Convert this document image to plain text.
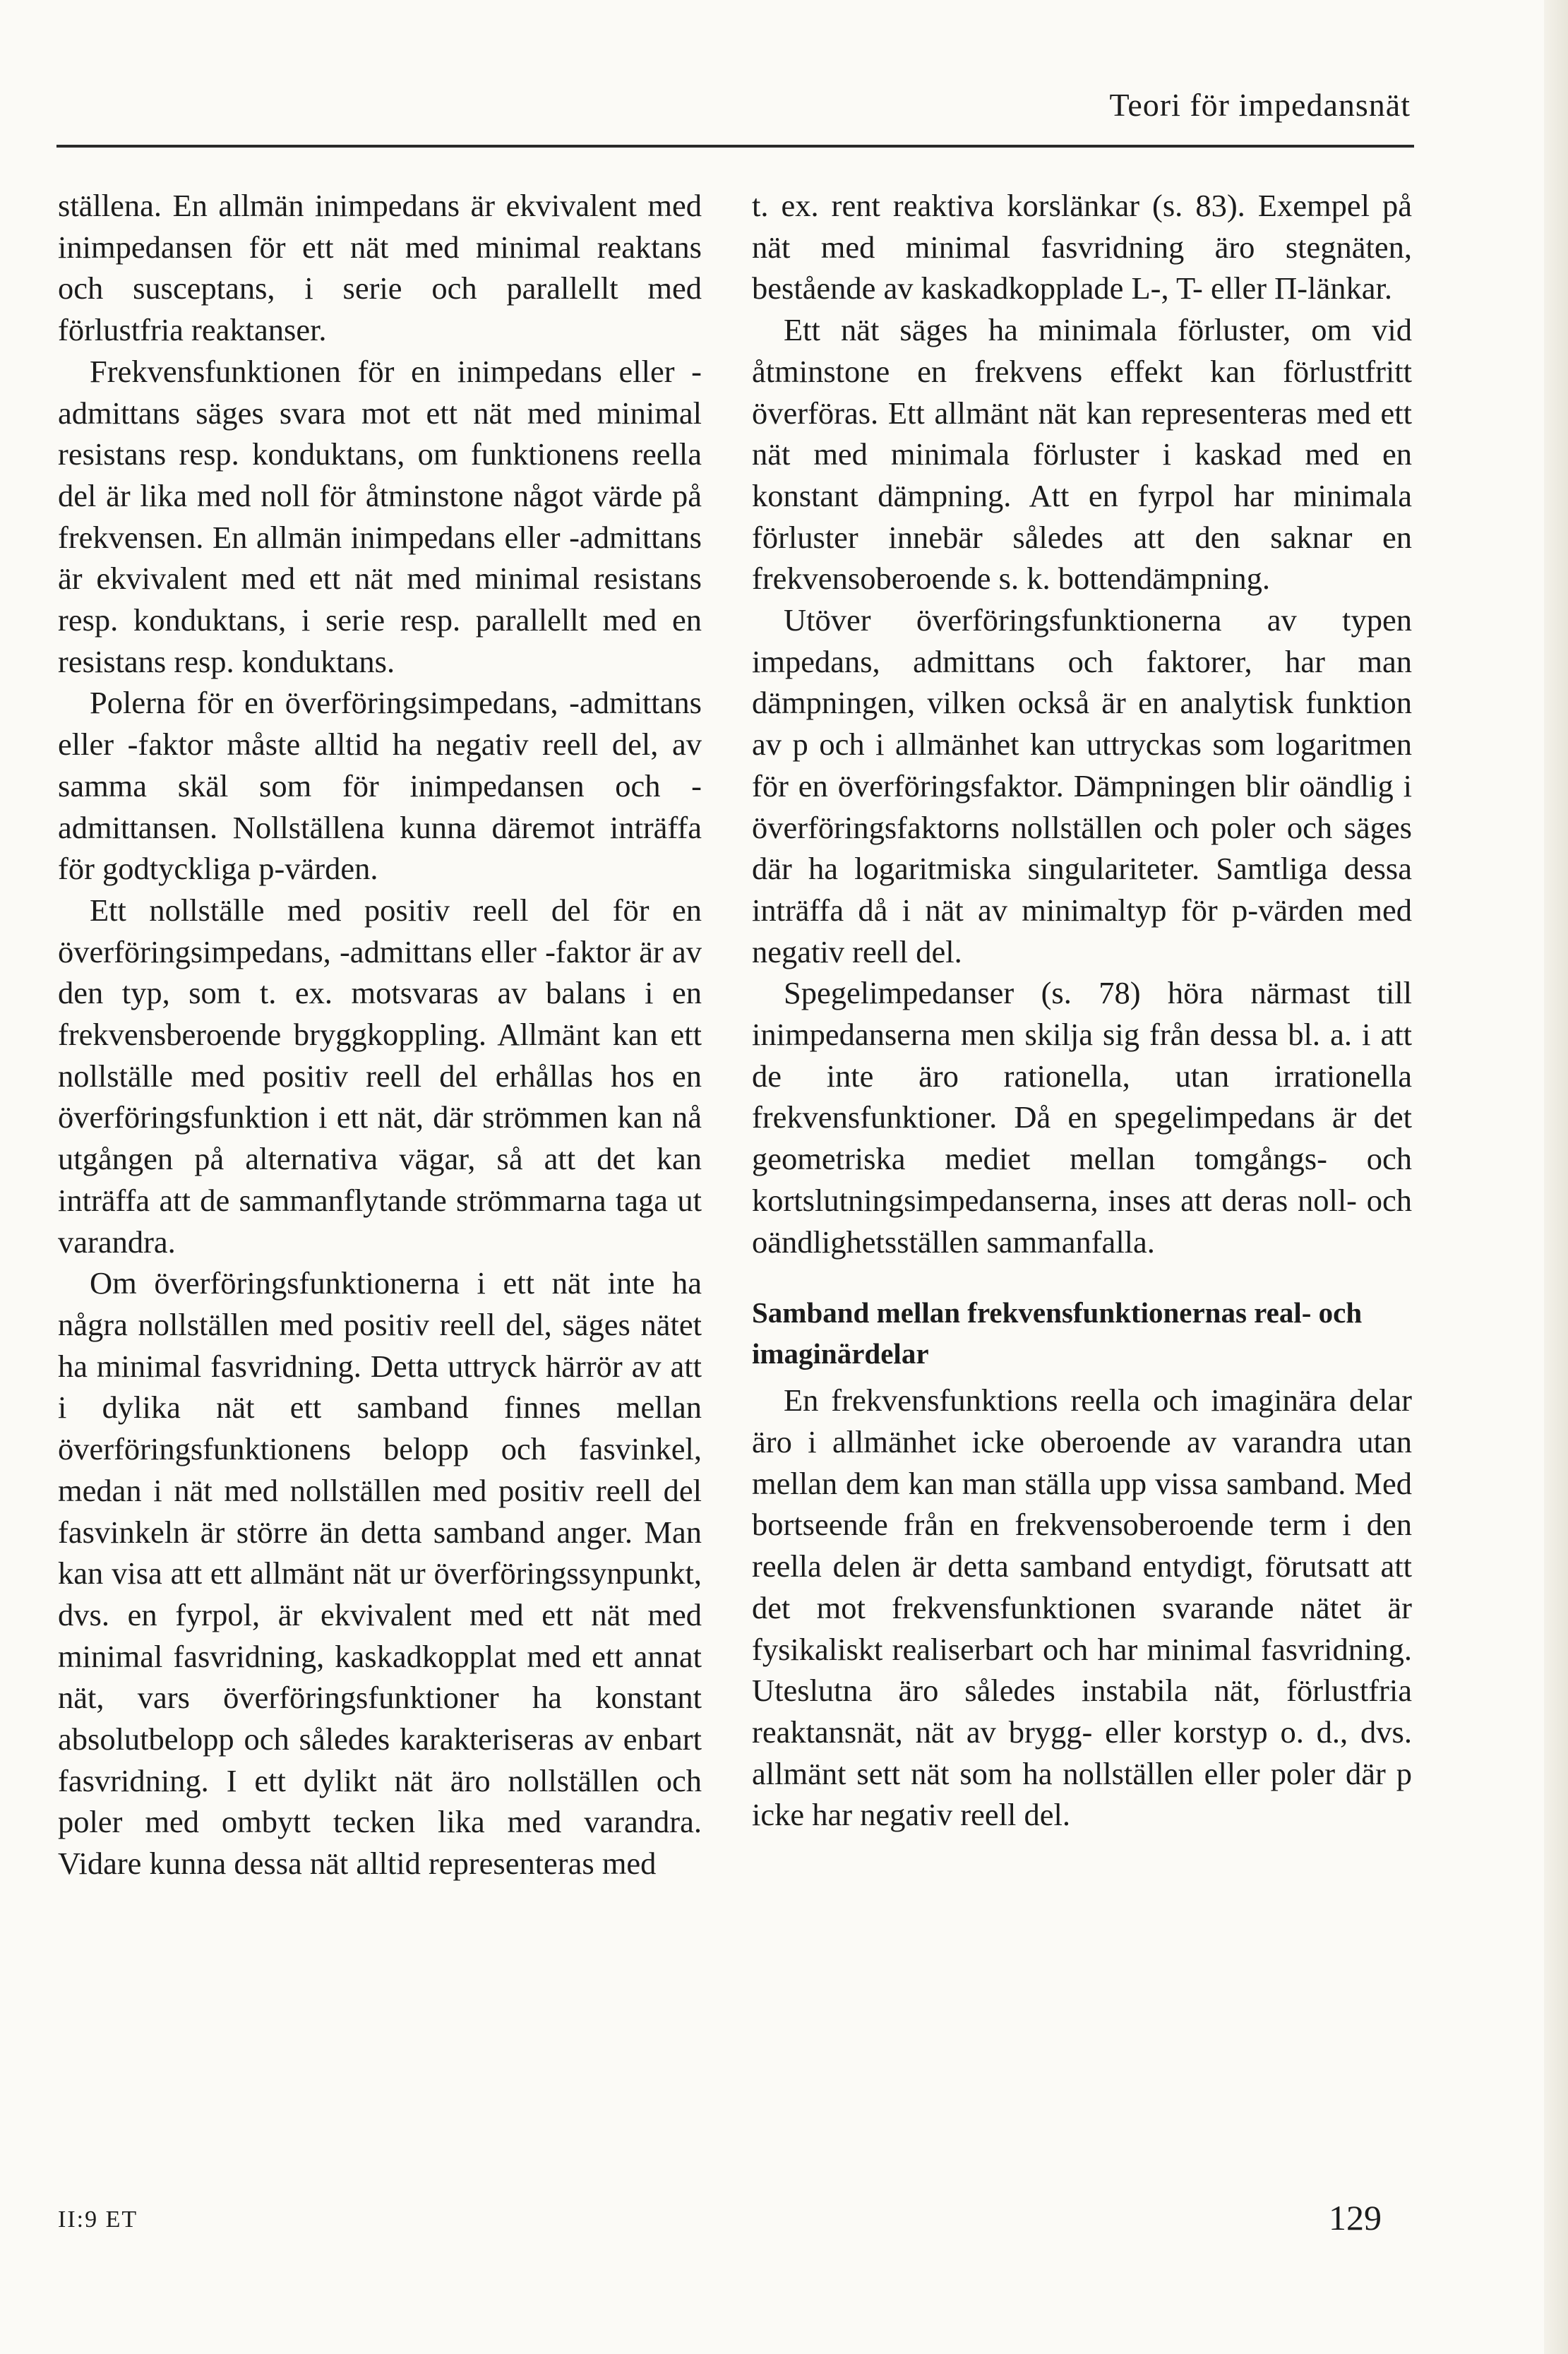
Teori för impedansnät

ställena. En allmän inimpedans är ekvivalent med inimpedansen för ett nät med minimal reaktans och susceptans, i serie och parallellt med förlustfria reaktanser.

Frekvensfunktionen för en inimpedans eller -admittans säges svara mot ett nät med minimal resistans resp. konduktans, om funktionens reella del är lika med noll för åtminstone något värde på frekvensen. En allmän inimpedans eller -admittans är ekvivalent med ett nät med minimal resistans resp. konduktans, i serie resp. parallellt med en resistans resp. konduktans.

Polerna för en överföringsimpedans, -admittans eller -faktor måste alltid ha negativ reell del, av samma skäl som för inimpedansen och -admittansen. Nollställena kunna däremot inträffa för godtyckliga p-värden.

Ett nollställe med positiv reell del för en överföringsimpedans, -admittans eller -faktor är av den typ, som t. ex. motsvaras av balans i en frekvensberoende bryggkoppling. Allmänt kan ett nollställe med positiv reell del erhållas hos en överföringsfunktion i ett nät, där strömmen kan nå utgången på alternativa vägar, så att det kan inträffa att de sammanflytande strömmarna taga ut varandra.

Om överföringsfunktionerna i ett nät inte ha några nollställen med positiv reell del, säges nätet ha minimal fasvridning. Detta uttryck härrör av att i dylika nät ett samband finnes mellan överföringsfunktionens belopp och fasvinkel, medan i nät med nollställen med positiv reell del fasvinkeln är större än detta samband anger. Man kan visa att ett allmänt nät ur överföringssynpunkt, dvs. en fyrpol, är ekvivalent med ett nät med minimal fasvridning, kaskadkopplat med ett annat nät, vars överföringsfunktioner ha konstant absolutbelopp och således karakteriseras av enbart fasvridning. I ett dylikt nät äro nollställen och poler med ombytt tecken lika med varandra. Vidare kunna dessa nät alltid representeras med

t. ex. rent reaktiva korslänkar (s. 83). Exempel på nät med minimal fasvridning äro stegnäten, bestående av kaskadkopplade L-, T- eller Π-länkar.

Ett nät säges ha minimala förluster, om vid åtminstone en frekvens effekt kan förlustfritt överföras. Ett allmänt nät kan representeras med ett nät med minimala förluster i kaskad med en konstant dämpning. Att en fyrpol har minimala förluster innebär således att den saknar en frekvensoberoende s. k. bottendämpning.

Utöver överföringsfunktionerna av typen impedans, admittans och faktorer, har man dämpningen, vilken också är en analytisk funktion av p och i allmänhet kan uttryckas som logaritmen för en överföringsfaktor. Dämpningen blir oändlig i överföringsfaktorns nollställen och poler och säges där ha logaritmiska singulariteter. Samtliga dessa inträffa då i nät av minimaltyp för p-värden med negativ reell del.

Spegelimpedanser (s. 78) höra närmast till inimpedanserna men skilja sig från dessa bl. a. i att de inte äro rationella, utan irrationella frekvensfunktioner. Då en spegelimpedans är det geometriska mediet mellan tomgångs- och kortslutningsimpedanserna, inses att deras noll- och oändlighetsställen sammanfalla.

Samband mellan frekvensfunktionernas real- och imaginärdelar

En frekvensfunktions reella och imaginära delar äro i allmänhet icke oberoende av varandra utan mellan dem kan man ställa upp vissa samband. Med bortseende från en frekvensoberoende term i den reella delen är detta samband entydigt, förutsatt att det mot frekvensfunktionen svarande nätet är fysikaliskt realiserbart och har minimal fasvridning. Uteslutna äro således instabila nät, förlustfria reaktansnät, nät av brygg- eller korstyp o. d., dvs. allmänt sett nät som ha nollställen eller poler där p icke har negativ reell del.

II:9 ET	129
